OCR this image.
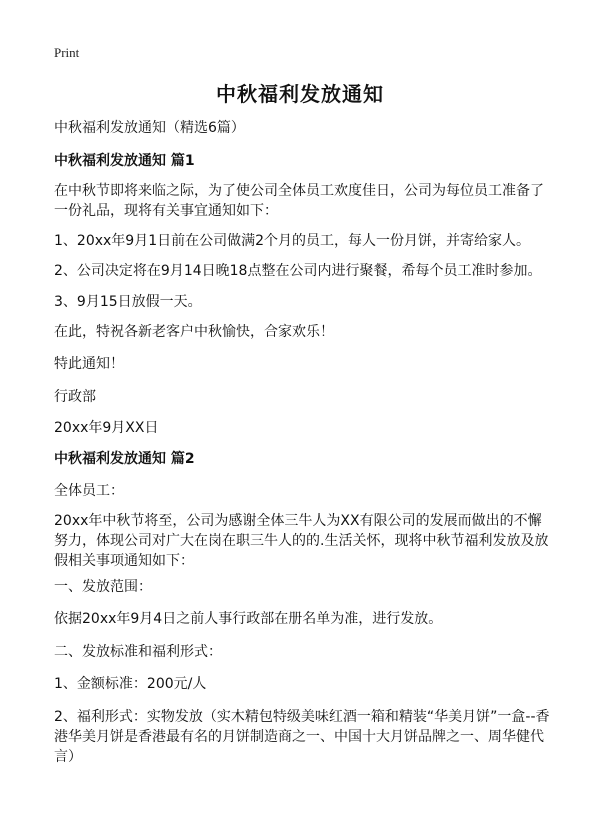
Print
中秋福利发放通知
中秋福利发放通知（精选6篇）
中秋福利发放通知 篇1
在中秋节即将来临之际，为了使公司全体员工欢度佳日，公司为每位员工准备了一份礼品，现将有关事宜通知如下：
1、20xx年9月1日前在公司做满2个月的员工，每人一份月饼，并寄给家人。
2、公司决定将在9月14日晚18点整在公司内进行聚餐，希每个员工准时参加。
3、9月15日放假一天。
在此，特祝各新老客户中秋愉快，合家欢乐！
特此通知！
行政部
20xx年9月XX日
中秋福利发放通知 篇2
全体员工：
20xx年中秋节将至，公司为感谢全体三牛人为XX有限公司的发展而做出的不懈努力，体现公司对广大在岗在职三牛人的的.生活关怀，现将中秋节福利发放及放假相关事项通知如下：
一、发放范围：
依据20xx年9月4日之前人事行政部在册名单为准，进行发放。
二、发放标准和福利形式：
1、金额标准：200元/人
2、福利形式：实物发放（实木精包特级美味红酒一箱和精装“华美月饼”一盒--香港华美月饼是香港最有名的月饼制造商之一、中国十大月饼品牌之一、周华健代言）
